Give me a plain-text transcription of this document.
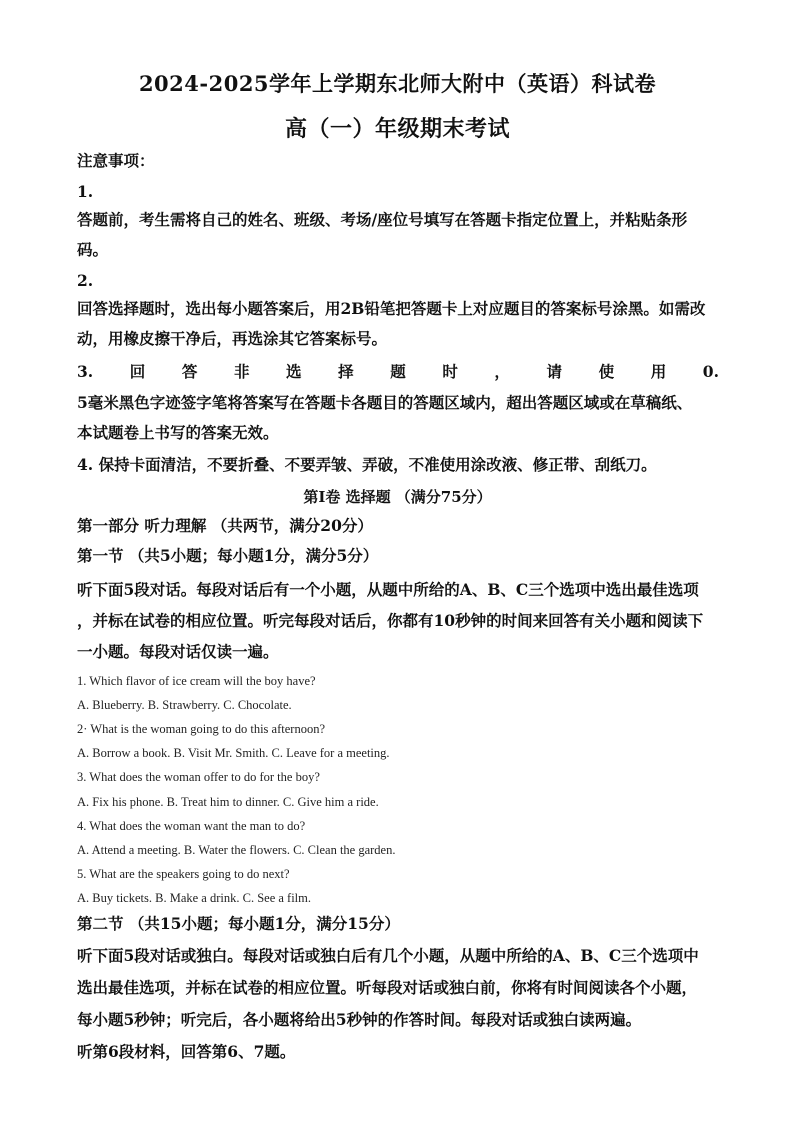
2024-2025学年上学期东北师大附中（英语）科试卷
高（一）年级期末考试
注意事项：
1.
答题前，考生需将自己的姓名、班级、考场/座位号填写在答题卡指定位置上，并粘贴条形
码。
2.
回答选择题时，选出每小题答案后，用2B铅笔把答题卡上对应题目的答案标号涂黑。如需改
动，用橡皮擦干净后，再选涂其它答案标号。
3. 回 答 非 选 择 题 时 ， 请 使 用 0.
5毫米黑色字迹签字笔将答案写在答题卡各题目的答题区域内，超出答题区域或在草稿纸、
本试题卷上书写的答案无效。
4. 保持卡面清洁，不要折叠、不要弄皱、弄破，不准使用涂改液、修正带、刮纸刀。
第Ⅰ卷 选择题 （满分75分）
第一部分 听力理解 （共两节，满分20分）
第一节 （共5小题；每小题1分，满分5分）
听下面5段对话。每段对话后有一个小题，从题中所给的A、B、C三个选项中选出最佳选项
，并标在试卷的相应位置。听完每段对话后，你都有10秒钟的时间来回答有关小题和阅读下
一小题。每段对话仅读一遍。
1. Which flavor of ice cream will the boy have?
A. Blueberry. B. Strawberry. C. Chocolate.
2· What is the woman going to do this afternoon?
A. Borrow a book. B. Visit Mr. Smith. C. Leave for a meeting.
3. What does the woman offer to do for the boy?
A. Fix his phone. B. Treat him to dinner. C. Give him a ride.
4. What does the woman want the man to do?
A. Attend a meeting. B. Water the flowers. C. Clean the garden.
5. What are the speakers going to do next?
A. Buy tickets. B. Make a drink. C. See a film.
第二节 （共15小题；每小题1分，满分15分）
听下面5段对话或独白。每段对话或独白后有几个小题，从题中所给的A、B、C三个选项中
选出最佳选项，并标在试卷的相应位置。听每段对话或独白前，你将有时间阅读各个小题，
每小题5秒钟；听完后，各小题将给出5秒钟的作答时间。每段对话或独白读两遍。
听第6段材料，回答第6、7题。
